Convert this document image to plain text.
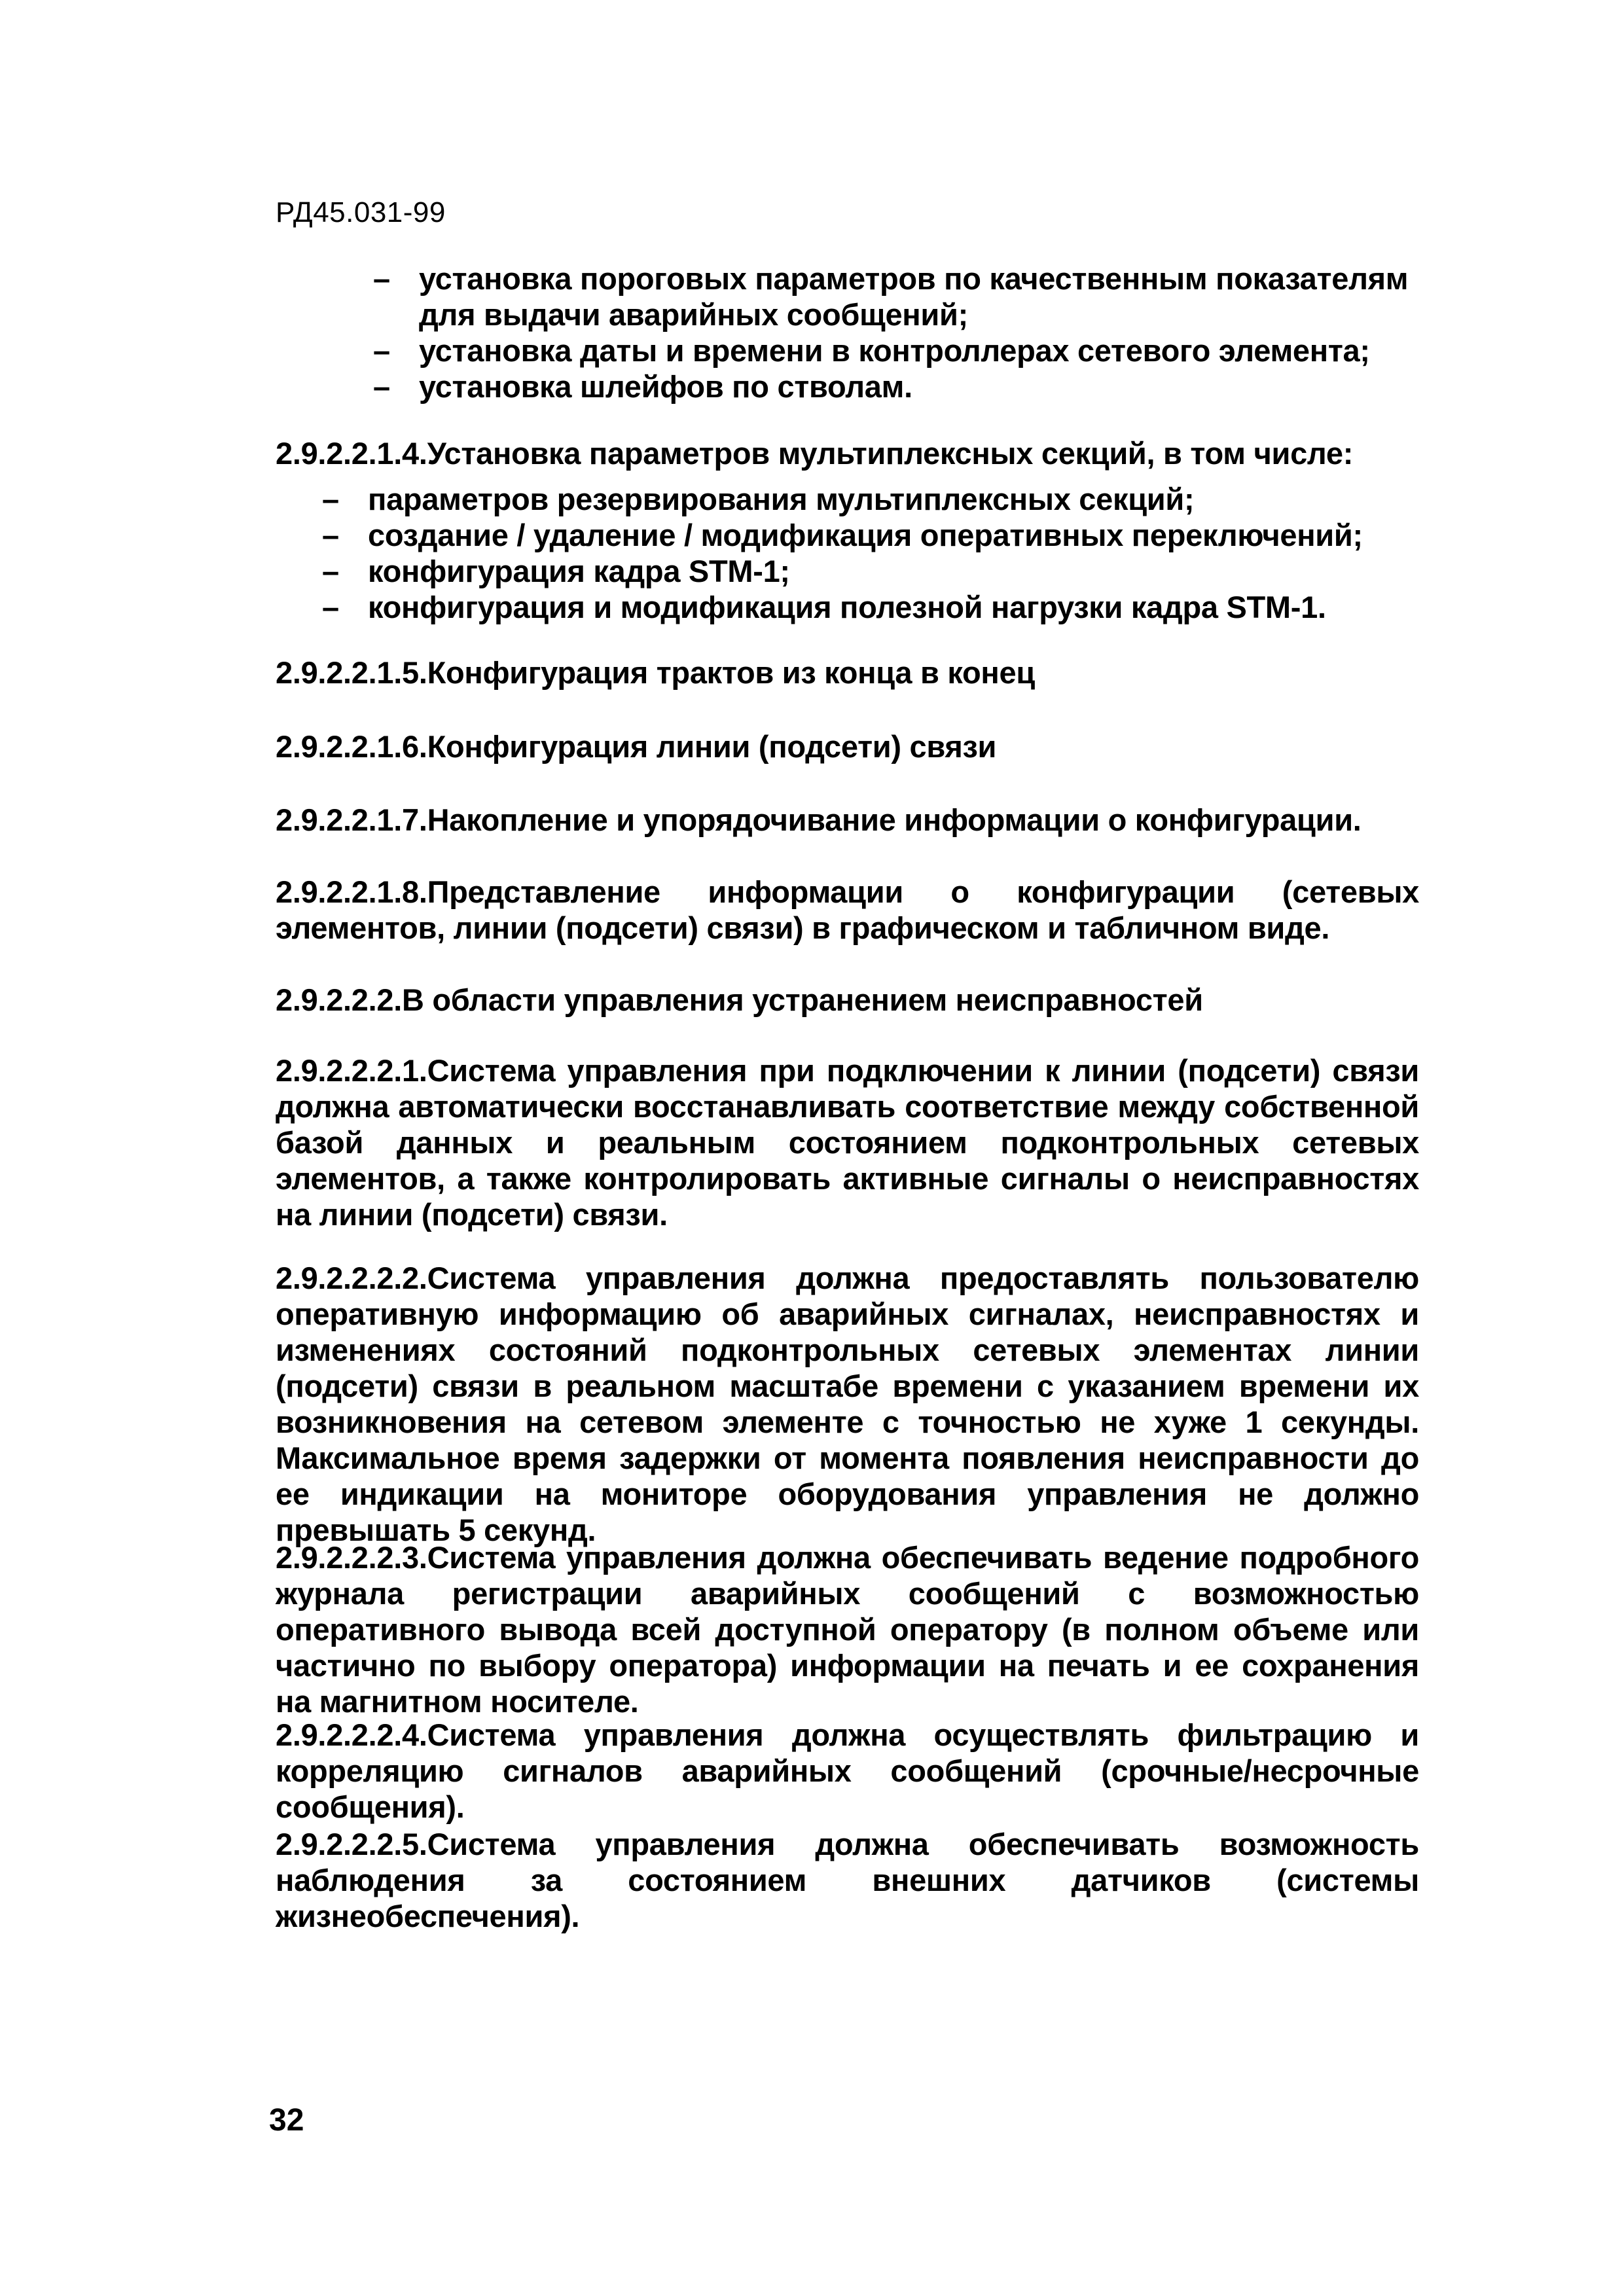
РД45.031-99
– установка пороговых параметров по качественным показателям для выдачи аварийных сообщений;
– установка даты и времени в контроллерах сетевого элемента;
– установка шлейфов по стволам.

2.9.2.2.1.4.Установка параметров мультиплексных секций, в том числе:

– параметров резервирования мультиплексных секций;
– создание / удаление / модификация оперативных переключений;
– конфигурация кадра STM-1;
– конфигурация и модификация полезной нагрузки кадра STM-1.

2.9.2.2.1.5.Конфигурация трактов из конца в конец

2.9.2.2.1.6.Конфигурация линии (подсети) связи

2.9.2.2.1.7.Накопление и упорядочивание информации о конфигурации.

2.9.2.2.1.8.Представление информации о конфигурации (сетевых элементов, линии (подсети) связи) в графическом и табличном виде.

2.9.2.2.2.В области управления устранением неисправностей

2.9.2.2.2.1.Система управления при подключении к линии (подсети) связи должна автоматически восстанавливать соответствие между собственной базой данных и реальным состоянием подконтрольных сетевых элементов, а также контролировать активные сигналы о неисправностях на линии (подсети) связи.

2.9.2.2.2.2.Система управления должна предоставлять пользователю оперативную информацию об аварийных сигналах, неисправностях и изменениях состояний подконтрольных сетевых элементах линии (подсети) связи в реальном масштабе времени с указанием времени их возникновения на сетевом элементе с точностью не хуже 1 секунды. Максимальное время задержки от момента появления неисправности до ее индикации на мониторе оборудования управления не должно превышать 5 секунд.

2.9.2.2.2.3.Система управления должна обеспечивать ведение подробного журнала регистрации аварийных сообщений с возможностью оперативного вывода всей доступной оператору (в полном объеме или частично по выбору оператора) информации на печать и ее сохранения на магнитном носителе.

2.9.2.2.2.4.Система управления должна осуществлять фильтрацию и корреляцию сигналов аварийных сообщений (срочные/несрочные сообщения).

2.9.2.2.2.5.Система управления должна обеспечивать возможность наблюдения за состоянием внешних датчиков (системы жизнеобеспечения).

32
